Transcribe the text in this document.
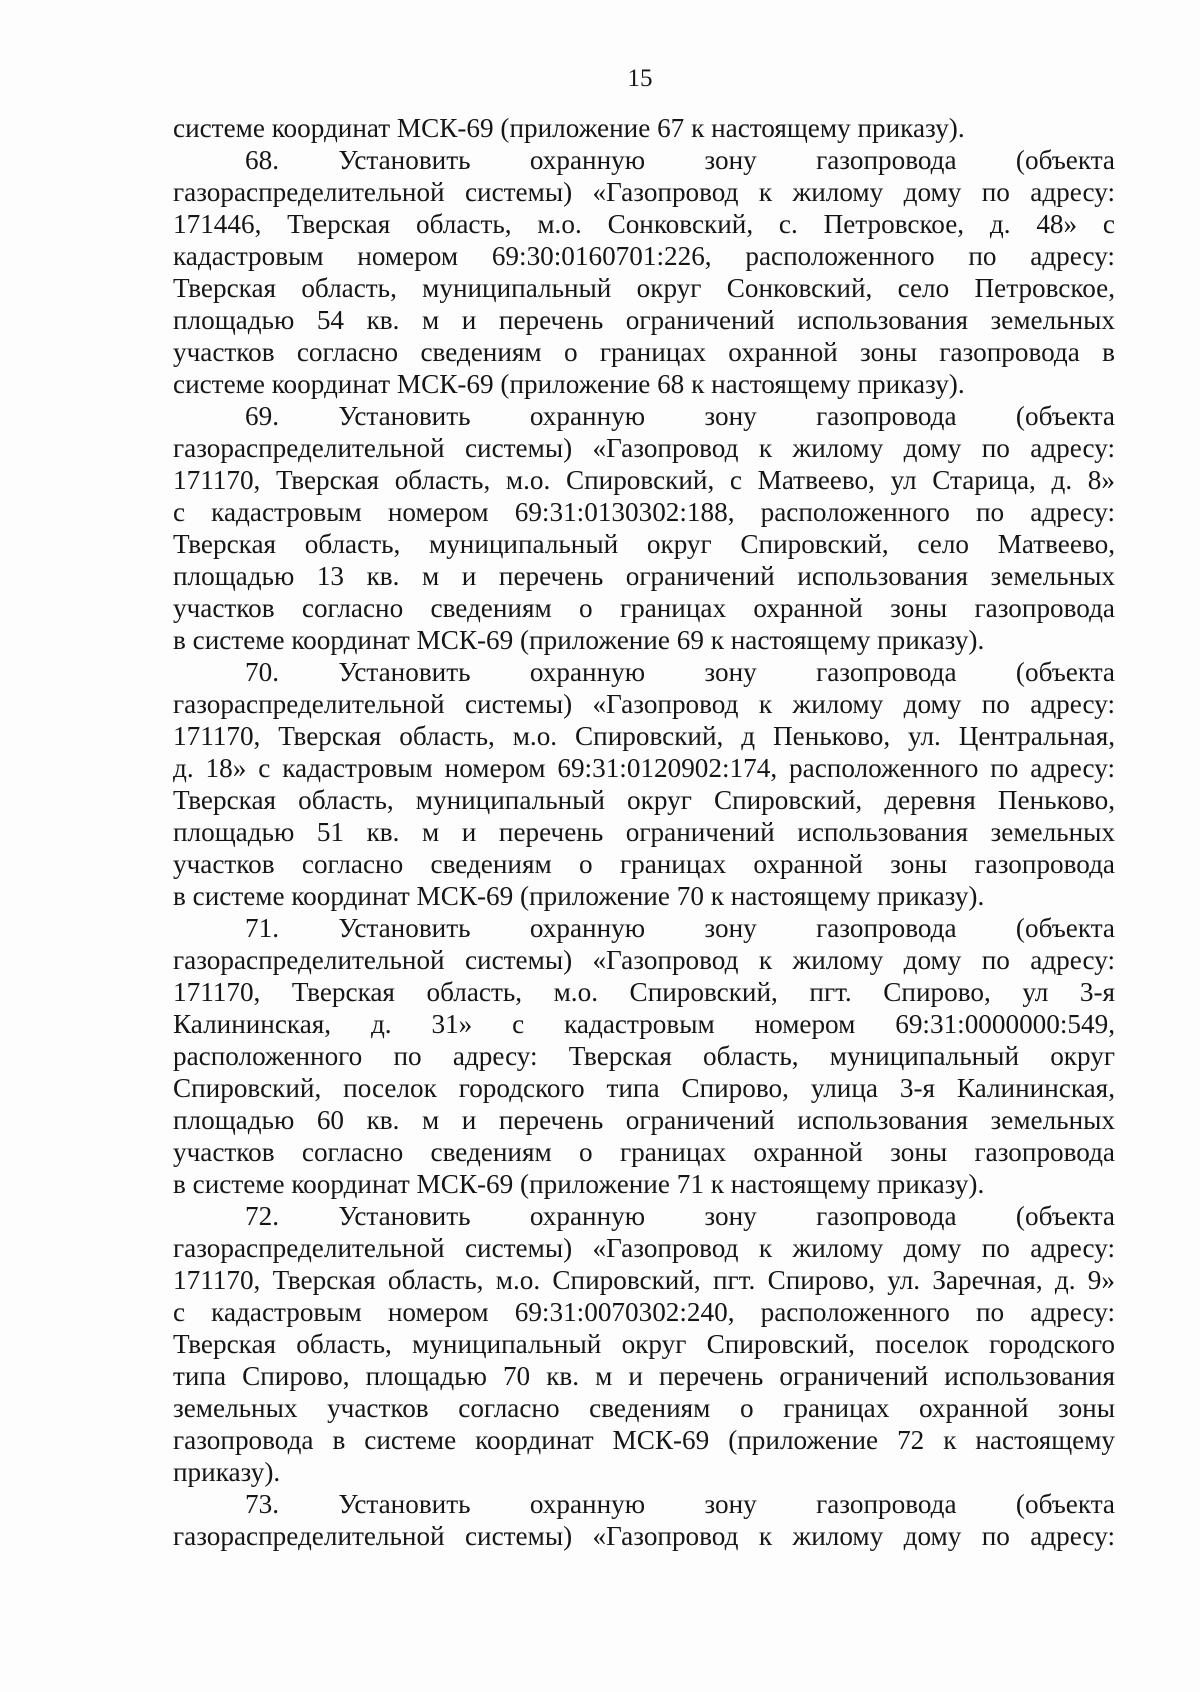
15
системе координат МСК-69 (приложение 67 к настоящему приказу).
68. Установить охранную зону газопровода (объекта
газораспределительной системы) «Газопровод к жилому дому по адресу:
171446, Тверская область, м.о. Сонковский, с. Петровское, д. 48» с
кадастровым номером 69:30:0160701:226, расположенного по адресу:
Тверская область, муниципальный округ Сонковский, село Петровское,
площадью 54 кв. м и перечень ограничений использования земельных
участков согласно сведениям о границах охранной зоны газопровода в
системе координат МСК-69 (приложение 68 к настоящему приказу).
69. Установить охранную зону газопровода (объекта
газораспределительной системы) «Газопровод к жилому дому по адресу:
171170, Тверская область, м.о. Спировский, с Матвеево, ул Старица, д. 8»
с кадастровым номером 69:31:0130302:188, расположенного по адресу:
Тверская область, муниципальный округ Спировский, село Матвеево,
площадью 13 кв. м и перечень ограничений использования земельных
участков согласно сведениям о границах охранной зоны газопровода
в системе координат МСК-69 (приложение 69 к настоящему приказу).
70. Установить охранную зону газопровода (объекта
газораспределительной системы) «Газопровод к жилому дому по адресу:
171170, Тверская область, м.о. Спировский, д Пеньково, ул. Центральная,
д. 18» с кадастровым номером 69:31:0120902:174, расположенного по адресу:
Тверская область, муниципальный округ Спировский, деревня Пеньково,
площадью 51 кв. м и перечень ограничений использования земельных
участков согласно сведениям о границах охранной зоны газопровода
в системе координат МСК-69 (приложение 70 к настоящему приказу).
71. Установить охранную зону газопровода (объекта
газораспределительной системы) «Газопровод к жилому дому по адресу:
171170, Тверская область, м.о. Спировский, пгт. Спирово, ул 3-я
Калининская, д. 31» с кадастровым номером 69:31:0000000:549,
расположенного по адресу: Тверская область, муниципальный округ
Спировский, поселок городского типа Спирово, улица 3-я Калининская,
площадью 60 кв. м и перечень ограничений использования земельных
участков согласно сведениям о границах охранной зоны газопровода
в системе координат МСК-69 (приложение 71 к настоящему приказу).
72. Установить охранную зону газопровода (объекта
газораспределительной системы) «Газопровод к жилому дому по адресу:
171170, Тверская область, м.о. Спировский, пгт. Спирово, ул. Заречная, д. 9»
с кадастровым номером 69:31:0070302:240, расположенного по адресу:
Тверская область, муниципальный округ Спировский, поселок городского
типа Спирово, площадью 70 кв. м и перечень ограничений использования
земельных участков согласно сведениям о границах охранной зоны
газопровода в системе координат МСК-69 (приложение 72 к настоящему
приказу).
73. Установить охранную зону газопровода (объекта
газораспределительной системы) «Газопровод к жилому дому по адресу:
